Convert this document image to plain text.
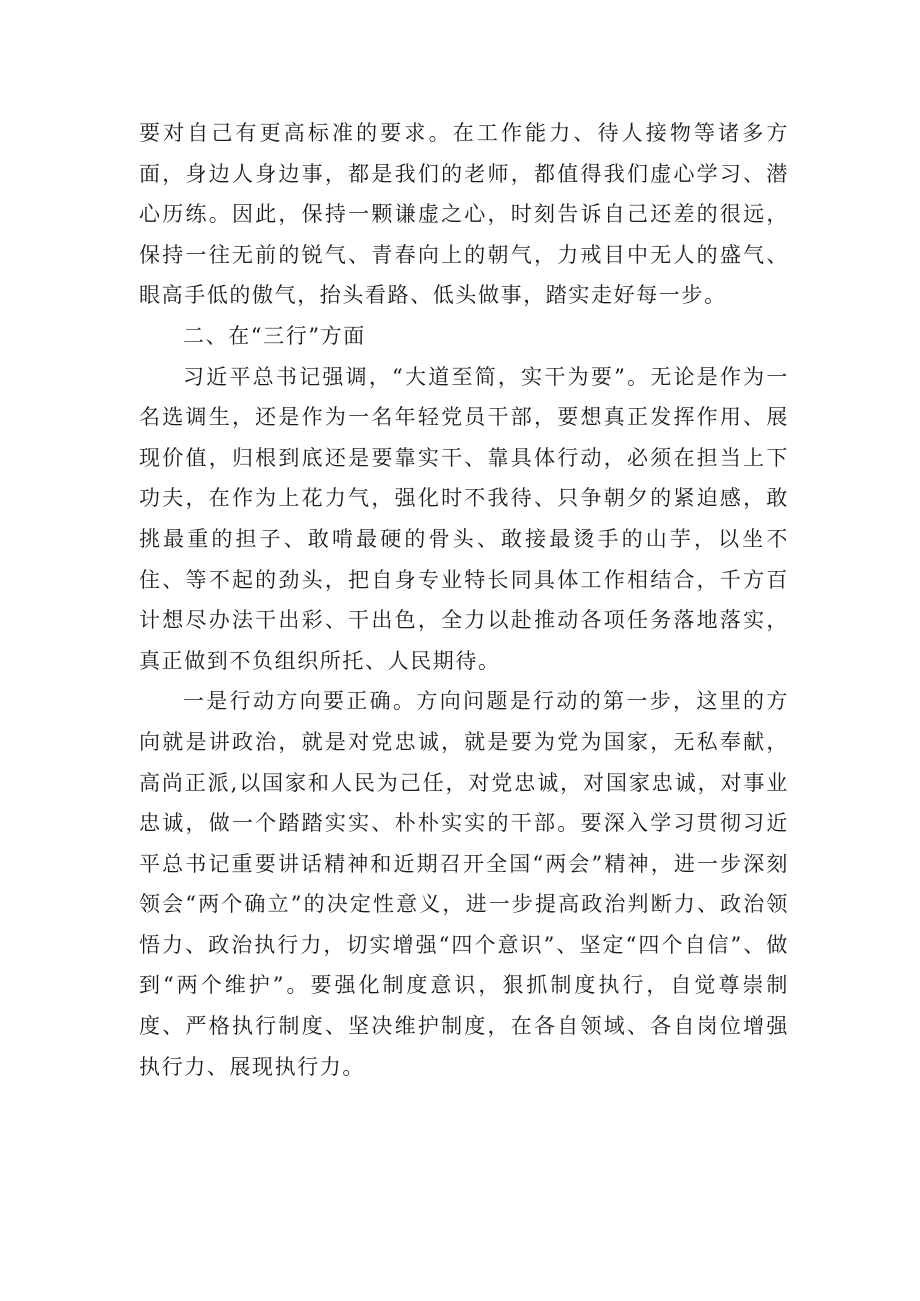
要对自己有更高标准的要求。在工作能力、待人接物等诸多方面，身边人身边事，都是我们的老师，都值得我们虚心学习、潜心历练。因此，保持一颗谦虚之心，时刻告诉自己还差的很远，保持一往无前的锐气、青春向上的朝气，力戒目中无人的盛气、眼高手低的傲气，抬头看路、低头做事，踏实走好每一步。

二、在“三行”方面

习近平总书记强调，“大道至简，实干为要”。无论是作为一名选调生，还是作为一名年轻党员干部，要想真正发挥作用、展现价值，归根到底还是要靠实干、靠具体行动，必须在担当上下功夫，在作为上花力气，强化时不我待、只争朝夕的紧迫感，敢挑最重的担子、敢啃最硬的骨头、敢接最烫手的山芋，以坐不住、等不起的劲头，把自身专业特长同具体工作相结合，千方百计想尽办法干出彩、干出色，全力以赴推动各项任务落地落实，真正做到不负组织所托、人民期待。

一是行动方向要正确。方向问题是行动的第一步，这里的方向就是讲政治，就是对党忠诚，就是要为党为国家，无私奉献，高尚正派,以国家和人民为己任，对党忠诚，对国家忠诚，对事业忠诚，做一个踏踏实实、朴朴实实的干部。要深入学习贯彻习近平总书记重要讲话精神和近期召开全国“两会”精神，进一步深刻领会“两个确立”的决定性意义，进一步提高政治判断力、政治领悟力、政治执行力，切实增强“四个意识”、坚定“四个自信”、做到“两个维护”。要强化制度意识，狠抓制度执行，自觉尊崇制度、严格执行制度、坚决维护制度，在各自领域、各自岗位增强执行力、展现执行力。
